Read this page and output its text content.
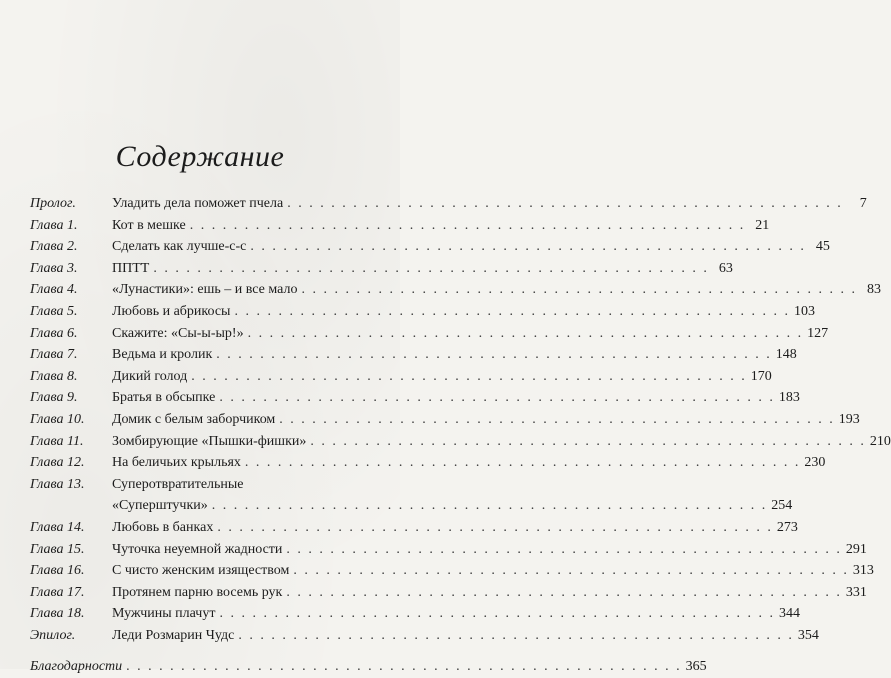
Содержание
Пролог.	Уладить дела поможет пчела . . . . . . . . . . . . . . . . . . . . . . . . . . . . . . . . . . . . . . . . . . . . . . . . . . .	7
Глава 1.	Кот в мешке . . . . . . . . . . . . . . . . . . . . . . . . . . . . . . . . . . . . . . . . . . . . . . . . . . . 21
Глава 2.	Сделать как лучше-с-с . . . . . . . . . . . . . . . . . . . . . . . . . . . . . . . . . . . . . . . . . . . . . . . . . . . 45
Глава 3.	ППТТ . . . . . . . . . . . . . . . . . . . . . . . . . . . . . . . . . . . . . . . . . . . . . . . . . . . 63
Глава 4.	«Лунастики»: ешь – и все мало . . . . . . . . . . . . . . . . . . . . . . . . . . . . . . . . . . . . . . . . . . . . . . . . . . . 83
Глава 5.	Любовь и абрикосы . . . . . . . . . . . . . . . . . . . . . . . . . . . . . . . . . . . . . . . . . . . . . . . . . . . 103
Глава 6.	Скажите: «Сы-ы-ыр!» . . . . . . . . . . . . . . . . . . . . . . . . . . . . . . . . . . . . . . . . . . . . . . . . . . . 127
Глава 7.	Ведьма и кролик . . . . . . . . . . . . . . . . . . . . . . . . . . . . . . . . . . . . . . . . . . . . . . . . . . . 148
Глава 8.	Дикий голод . . . . . . . . . . . . . . . . . . . . . . . . . . . . . . . . . . . . . . . . . . . . . . . . . . . 170
Глава 9.	Братья в обсыпке . . . . . . . . . . . . . . . . . . . . . . . . . . . . . . . . . . . . . . . . . . . . . . . . . . . 183
Глава 10.	Домик с белым заборчиком . . . . . . . . . . . . . . . . . . . . . . . . . . . . . . . . . . . . . . . . . . . . . . . . . . . 193
Глава 11.	Зомбирующие «Пышки-фишки» . . . . . . . . . . . . . . . . . . . . . . . . . . . . . . . . . . . . . . . . . . . . . . . . . . . 210
Глава 12.	На беличьих крыльях . . . . . . . . . . . . . . . . . . . . . . . . . . . . . . . . . . . . . . . . . . . . . . . . . . . 230
Глава 13.	Суперотвратительные
«Суперштучки» . . . . . . . . . . . . . . . . . . . . . . . . . . . . . . . . . . . . . . . . . . . . . . . . . . . 254
Глава 14.	Любовь в банках . . . . . . . . . . . . . . . . . . . . . . . . . . . . . . . . . . . . . . . . . . . . . . . . . . . 273
Глава 15.	Чуточка неуемной жадности . . . . . . . . . . . . . . . . . . . . . . . . . . . . . . . . . . . . . . . . . . . . . . . . . . . 291
Глава 16.	С чисто женским изяществом . . . . . . . . . . . . . . . . . . . . . . . . . . . . . . . . . . . . . . . . . . . . . . . . . . . 313
Глава 17.	Протянем парню восемь рук . . . . . . . . . . . . . . . . . . . . . . . . . . . . . . . . . . . . . . . . . . . . . . . . . . . 331
Глава 18.	Мужчины плачут . . . . . . . . . . . . . . . . . . . . . . . . . . . . . . . . . . . . . . . . . . . . . . . . . . . 344
Эпилог.	Леди Розмарин Чудс . . . . . . . . . . . . . . . . . . . . . . . . . . . . . . . . . . . . . . . . . . . . . . . . . . . 354
Благодарности . . . . . . . . . . . . . . . . . . . . . . . . . . . . . . . . . . . . . . . . . . . . . . . . . . . 365
